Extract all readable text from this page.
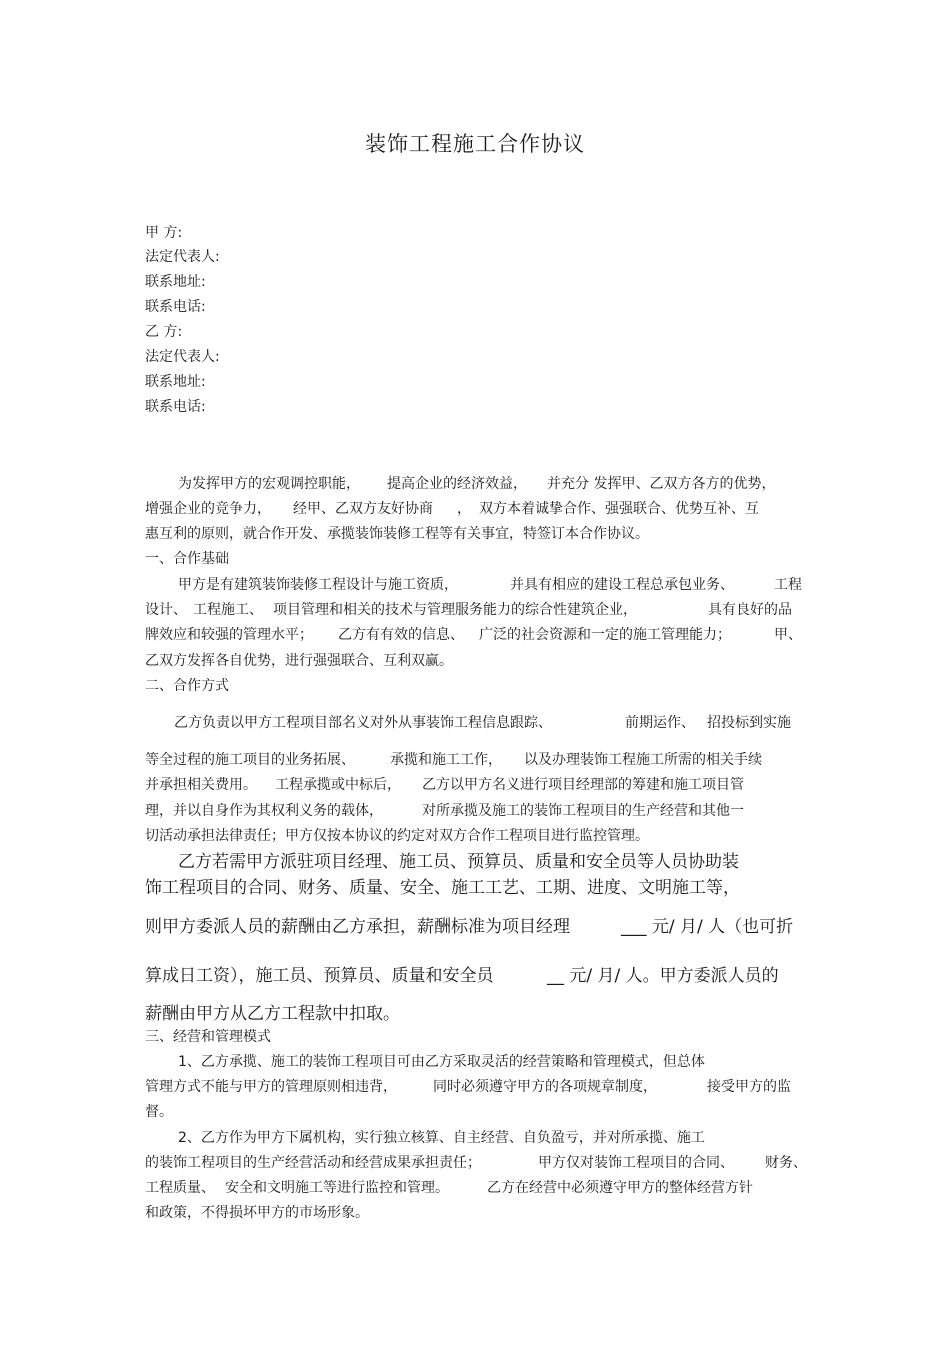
装饰工程施工合作协议
甲 方:
法定代表人:
联系地址:
联系电话:
乙 方:
法定代表人:
联系地址:
联系电话:
为发挥甲方的宏观调控职能， 提高企业的经济效益， 并充分 发挥甲、乙双方各方的优势，
增强企业的竞争力， 经甲、乙双方友好协商 ， 双方本着诚挚合作、强强联合、优势互补、互
惠互利的原则，就合作开发、承揽装饰装修工程等有关事宜，特签订本合作协议。
一、合作基础
甲方是有建筑装饰装修工程设计与施工资质，	并具有相应的建设工程总承包业务、	工程
设计、 工程施工、 项目管理和相关的技术与管理服务能力的综合性建筑企业，	具有良好的品
牌效应和较强的管理水平； 乙方有有效的信息、 广泛的社会资源和一定的施工管理能力；	甲、
乙双方发挥各自优势，进行强强联合、互利双赢。
二、合作方式
乙方负责以甲方工程项目部名义对外从事装饰工程信息跟踪、	前期运作、 招投标到实施
等全过程的施工项目的业务拓展、	承揽和施工工作， 以及办理装饰工程施工所需的相关手续
并承担相关费用。 工程承揽或中标后， 乙方以甲方名义进行项目经理部的筹建和施工项目管
理，并以自身作为其权利义务的载体，	对所承揽及施工的装饰工程项目的生产经营和其他一
切活动承担法律责任；甲方仅按本协议的约定对双方合作工程项目进行监控管理。
乙方若需甲方派驻项目经理、施工员、预算员、质量和安全员等人员协助装
饰工程项目的合同、财务、质量、安全、施工工艺、工期、进度、文明施工等，
则甲方委派人员的薪酬由乙方承担，薪酬标准为项目经理	___ 元/ 月/ 人（也可折
算成日工资），施工员、预算员、质量和安全员	__ 元/ 月/ 人。甲方委派人员的
薪酬由甲方从乙方工程款中扣取。
三、经营和管理模式
1、乙方承揽、施工的装饰工程项目可由乙方采取灵活的经营策略和管理模式，但总体
管理方式不能与甲方的管理原则相违背，	同时必须遵守甲方的各项规章制度，	接受甲方的监
督。
2、乙方作为甲方下属机构，实行独立核算、自主经营、自负盈亏，并对所承揽、施工
的装饰工程项目的生产经营活动和经营成果承担责任；	甲方仅对装饰工程项目的合同、 财务、
工程质量、 安全和文明施工等进行监控和管理。	乙方在经营中必须遵守甲方的整体经营方针
和政策，不得损坏甲方的市场形象。
